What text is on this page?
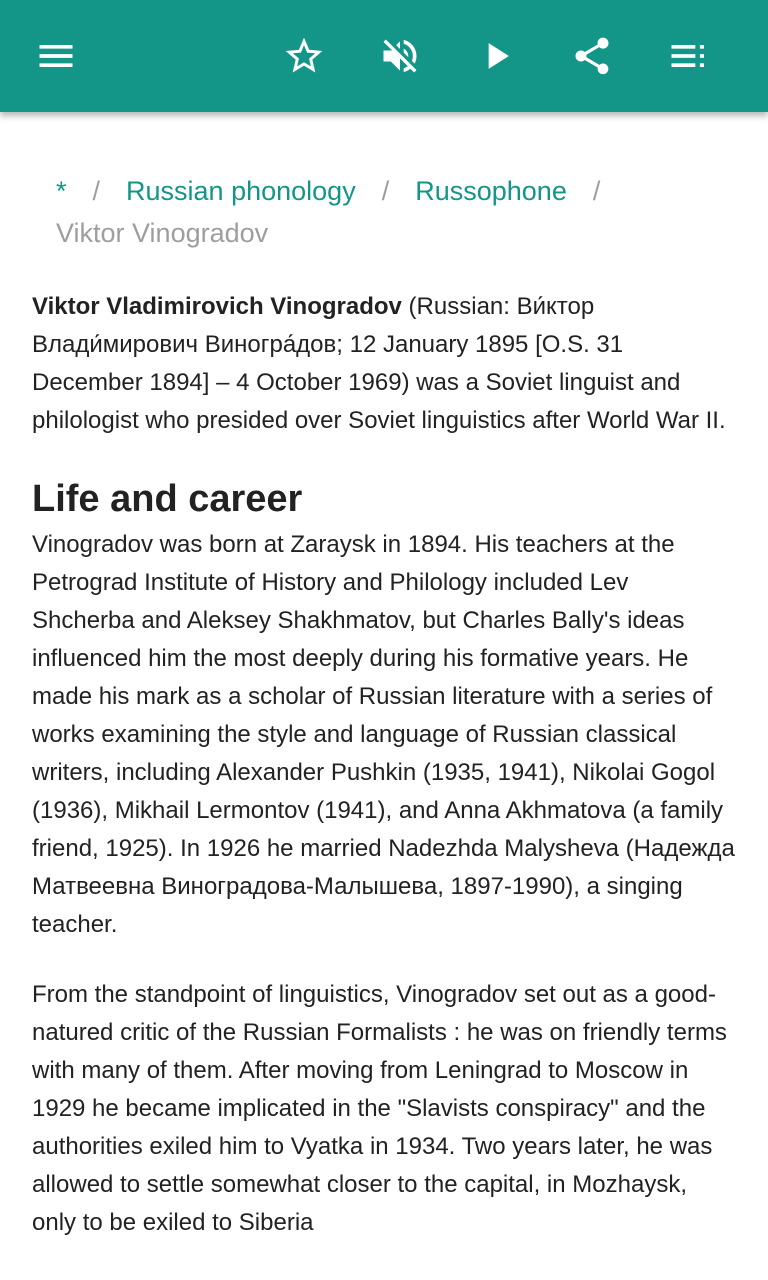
* / Russian phonology / Russophone /
Viktor Vinogradov

Viktor Vladimirovich Vinogradov (Russian: Ви́ктор Влади́мирович Виногра́дов; 12 January 1895 [O.S. 31 December 1894] – 4 October 1969) was a Soviet linguist and philologist who presided over Soviet linguistics after World War II.

Life and career

Vinogradov was born at Zaraysk in 1894. His teachers at the Petrograd Institute of History and Philology included Lev Shcherba and Aleksey Shakhmatov, but Charles Bally's ideas influenced him the most deeply during his formative years. He made his mark as a scholar of Russian literature with a series of works examining the style and language of Russian classical writers, including Alexander Pushkin (1935, 1941), Nikolai Gogol (1936), Mikhail Lermontov (1941), and Anna Akhmatova (a family friend, 1925). In 1926 he married Nadezhda Malysheva (Надежда Матвеевна Виноградова-Малышева, 1897-1990), a singing teacher.

From the standpoint of linguistics, Vinogradov set out as a good-natured critic of the Russian Formalists : he was on friendly terms with many of them. After moving from Leningrad to Moscow in 1929 he became implicated in the "Slavists conspiracy" and the authorities exiled him to Vyatka in 1934. Two years later, he was allowed to settle somewhat closer to the capital, in Mozhaysk, only to be exiled to Siberia
